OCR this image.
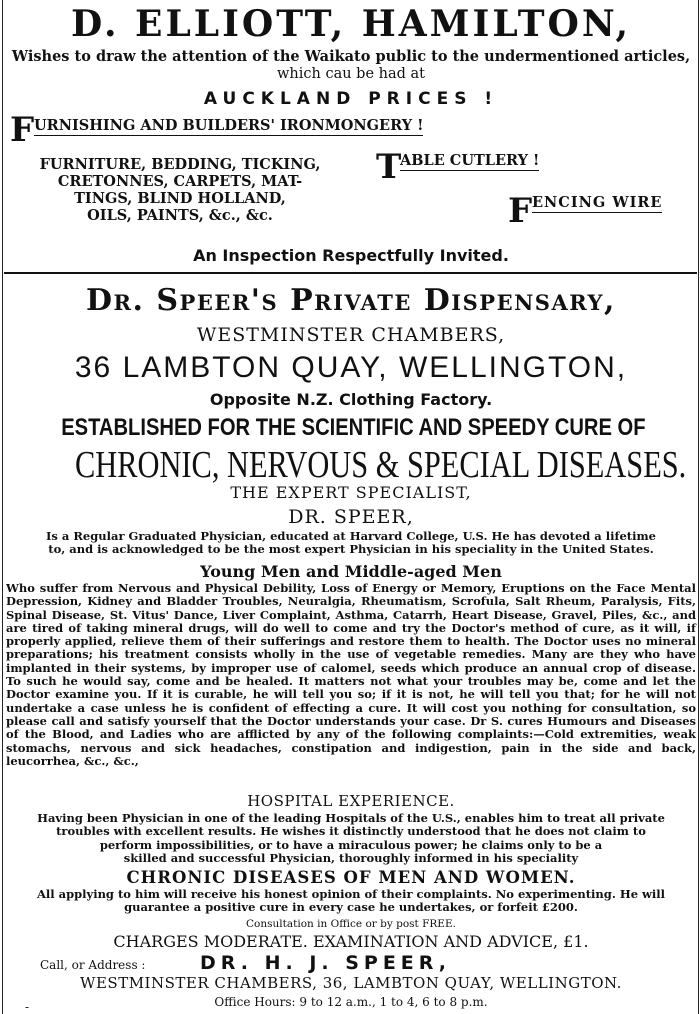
D. ELLIOTT, HAMILTON,
Wishes to draw the attention of the Waikato public to the undermentioned articles,
which cau be had at
AUCKLAND PRICES !
F URNISHING AND BUILDERS' IRONMONGERY !
FURNITURE, BEDDING, TICKING,
CRETONNES, CARPETS, MAT-
TINGS, BLIND HOLLAND,
OILS, PAINTS, &c., &c.
T
ABLE CUTLERY !
F ENCING WIRE
An Inspection Respectfully Invited.
Dr. Speer's Private Dispensary,
WESTMINSTER CHAMBERS,
36 LAMBTON QUAY, WELLINGTON,
Opposite N.Z. Clothing Factory.
ESTABLISHED FOR THE SCIENTIFIC AND SPEEDY CURE OF
CHRONIC, NERVOUS & SPECIAL DISEASES.
THE EXPERT SPECIALIST,
DR. SPEER,
Is a Regular Graduated Physician, educated at Harvard College, U.S. He has devoted a lifetime
to, and is acknowledged to be the most expert Physician in his speciality in the United States.
Young Men and Middle-aged Men
Who suffer from Nervous and Physical Debility, Loss of Energy or Memory, Eruptions on the Face Mental Depression, Kidney and Bladder Troubles, Neuralgia, Rheumatism, Scrofula, Salt Rheum, Paralysis, Fits, Spinal Disease, St. Vitus' Dance, Liver Complaint, Asthma, Catarrh, Heart Disease, Gravel, Piles, &c., and are tired of taking mineral drugs, will do well to come and try the Doctor's method of cure, as it will, if properly applied, relieve them of their sufferings and restore them to health. The Doctor uses no mineral preparations; his treatment consists wholly in the use of vegetable remedies. Many are they who have implanted in their systems, by improper use of calomel, seeds which produce an annual crop of disease. To such he would say, come and be healed. It matters not what your troubles may be, come and let the Doctor examine you. If it is curable, he will tell you so; if it is not, he will tell you that; for he will not undertake a case unless he is confident of effecting a cure. It will cost you nothing for consultation, so please call and satisfy yourself that the Doctor understands your case. Dr S. cures Humours and Diseases of the Blood, and Ladies who are afflicted by any of the following complaints:—Cold extremities, weak stomachs, nervous and sick headaches, constipation and indigestion, pain in the side and back, leucorrhea, &c., &c.,
HOSPITAL EXPERIENCE.
Having been Physician in one of the leading Hospitals of the U.S., enables him to treat all private
troubles with excellent results. He wishes it distinctly understood that he does not claim to
perform impossibilities, or to have a miraculous power; he claims only to be a
skilled and successful Physician, thoroughly informed in his speciality
CHRONIC DISEASES OF MEN AND WOMEN.
All applying to him will receive his honest opinion of their complaints. No experimenting. He will
guarantee a positive cure in every case he undertakes, or forfeit £200.
Consultation in Office or by post FREE.
CHARGES MODERATE. EXAMINATION AND ADVICE, £1.
Call, or Address :	DR. H. J. SPEER,
WESTMINSTER CHAMBERS, 36, LAMBTON QUAY, WELLINGTON.
-	Office Hours: 9 to 12 a.m., 1 to 4, 6 to 8 p.m.
